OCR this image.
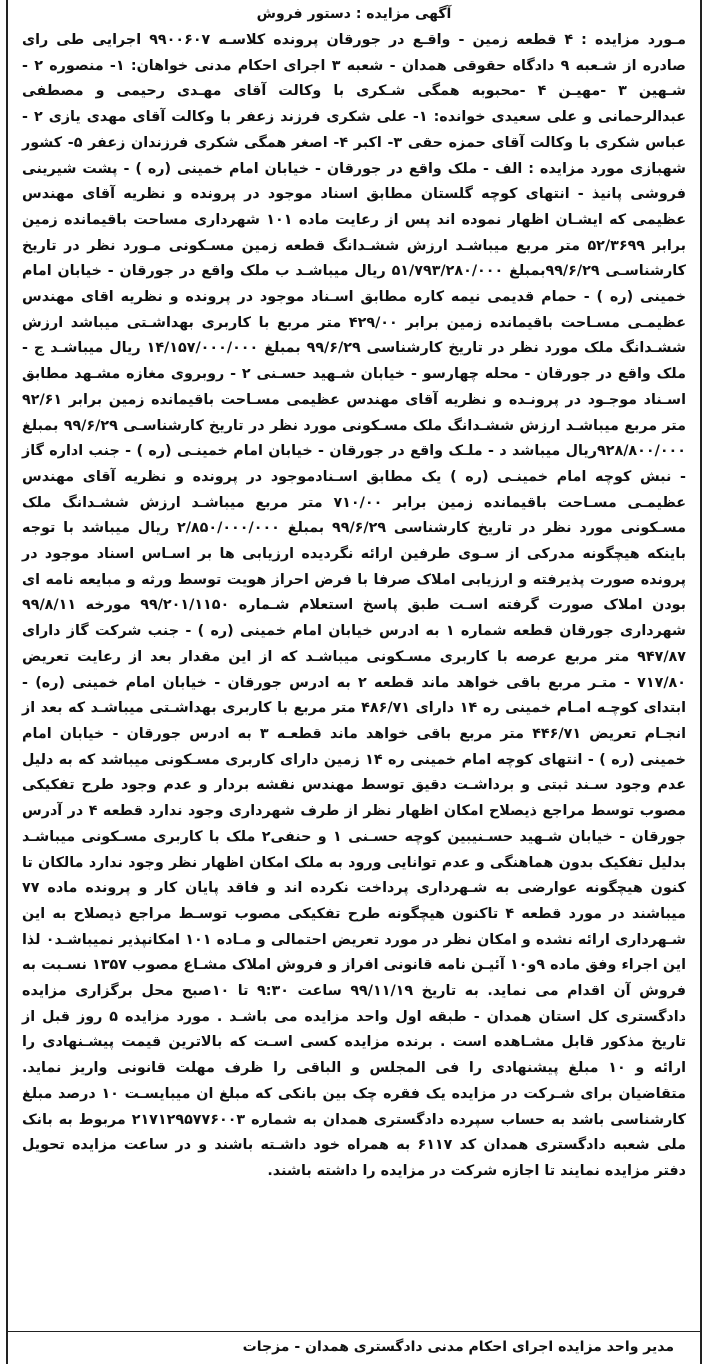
آگهی مزایده : دستور فروش
مـورد مزایده : ۴ قطعه زمین - واقـع در جورقان پرونده کلاسـه ۹۹۰۰۶۰۷ اجرایی طی رای صادره از شـعبه ۹ دادگاه حقوقی همدان - شعبه ۳ اجرای احکام مدنی خواهان: ۱- منصوره ۲ - شـهین ۳ -مهیـن ۴ -محبوبه همگی شـکری با وکالت آقای مهـدی رحیمی و مصطفی عبدالرحمانی و علی سعیدی خوانده: ۱- علی شکری فرزند زعفر با وکالت آقای مهدی یازی ۲ - عباس شکری با وکالت آقای حمزه حقی ۳- اکبر ۴- اصغر همگی شکری فرزندان زعفر ۵- کشور شهبازی مورد مزایده : الف - ملک واقع در جورقان - خیابان امام خمینی (ره ) - پشت شیرینی فروشی پانیذ - انتهای کوچه گلستان مطابق اسناد موجود در پرونده و نظریه آقای مهندس عظیمی که ایشـان اظهار نموده اند پس از رعایت ماده ۱۰۱ شهرداری مساحت باقیمانده زمین برابر ۵۲/۳۶۹۹ متر مربع میباشـد ارزش ششـدانگ قطعه زمین مسـکونی مـورد نظر در تاریخ کارشناسـی ۹۹/۶/۲۹بمبلغ ۵۱/۷۹۳/۲۸۰/۰۰۰ ریال میباشـد ب ملک واقع در جورقان - خیابان امام خمینی (ره ) - حمام قدیمی نیمه کاره مطابق اسـناد موجود در پرونده و نظریه اقای مهندس عظیمـی مسـاحت باقیمانده زمین برابر ۴۲۹/۰۰ متر مربع با کاربری بهداشـتی میباشد ارزش ششـدانگ ملک مورد نظر در تاریخ کارشناسی ۹۹/۶/۲۹ بمبلغ ۱۴/۱۵۷/۰۰۰/۰۰۰ ریال میباشـد ج - ملک واقع در جورقان - محله چهارسو - خیابان شـهید حسـنی ۲ - روبروی مغازه مشـهد مطابق اسـناد موجـود در پرونـده و نظریه آقای مهندس عظیمی مسـاحت باقیمانده زمین برابر ۹۲/۶۱ متر مربع میباشـد ارزش ششـدانگ ملک مسـکونی مورد نظر در تاریخ کارشناسـی ۹۹/۶/۲۹ بمبلغ ۹۲۸/۸۰۰/۰۰۰ریال میباشد د - ملـک واقع در جورقان - خیابان امام خمینـی (ره ) - جنب اداره گاز - نبش کوچه امام خمینـی (ره ) یک مطابق اسـنادموجود در پرونده و نظریه آقای مهندس عظیمـی مسـاحت باقیمانده زمین برابر ۷۱۰/۰۰ متر مربع میباشـد ارزش ششـدانگ ملک مسـکونی مورد نظر در تاریخ کارشناسی ۹۹/۶/۲۹ بمبلغ ۲/۸۵۰/۰۰۰/۰۰۰ ریال میباشد با توجه باینکه هیچگونه مدرکی از سـوی طرفین ارائه نگردیده ارزیابی ها بر اسـاس اسناد موجود در پرونده صورت پذیرفته و ارزیابی املاک صرفا با فرض احراز هویت توسط ورثه و مبایعه نامه ای بودن املاک صورت گرفته اسـت طبق پاسخ استعلام شـماره ۹۹/۲۰۱/۱۱۵۰ مورخه ۹۹/۸/۱۱ شهرداری جورقان قطعه شماره ۱ به ادرس خیابان امام خمینی (ره ) - جنب شرکت گاز دارای ۹۴۷/۸۷ متر مربع عرصه با کاربری مسـکونی میباشـد که از این مقدار بعد از رعایت تعریض ۷۱۷/۸۰ - متـر مربع باقی خواهد ماند قطعه ۲ به ادرس جورقان - خیابان امام خمینی (ره) - ابتدای کوچـه امـام خمینی ره ۱۴ دارای ۴۸۶/۷۱ متر مربع با کاربری بهداشـتی میباشـد که بعد از انجـام تعریض ۴۴۶/۷۱ متر مربع باقی خواهد ماند قطعـه ۳ به ادرس جورقان - خیابان امام خمینی (ره ) - انتهای کوچه امام خمینی ره ۱۴ زمین دارای کاربری مسـکونی میباشد که به دلیل عدم وجود سـند ثبتی و برداشـت دقیق توسط مهندس نقشه بردار و عدم وجود طرح تفکیکی مصوب توسط مراجع ذیصلاح امکان اظهار نظر از طرف شهرداری وجود ندارد قطعه ۴ در آدرس جورقان - خیابان شـهید حسـنیبین کوچه حسـنی ۱ و حنفی۲ ملک با کاربری مسـکونی میباشـد بدلیل تفکیک بدون هماهنگی و عدم توانایی ورود به ملک امکان اظهار نظر وجود ندارد مالکان تا کنون هیچگونه عوارضی به شـهرداری پرداخت نکرده اند و فاقد پایان کار و پرونده ماده ۷۷ میباشند در مورد قطعه ۴ تاکنون هیچگونه طرح تفکیکی مصوب توسـط مراجع ذیصلاح به این شـهرداری ارائه نشده و امکان نظر در مورد تعریض احتمالی و مـاده ۱۰۱ امکانپذیر نمیباشـد۰ لذا این اجراء وفق ماده ۹و۱۰ آئیـن نامه قانونی افراز و فروش املاک مشـاع مصوب ۱۳۵۷ نسـبت به فروش آن اقدام می نماید. به تاریخ ۹۹/۱۱/۱۹ ساعت ۹:۳۰ تا ۱۰صبح محل برگزاری مزایده دادگستری کل استان همدان - طبقه اول واحد مزایده می باشـد . مورد مزایده ۵ روز قبل از تاریخ مذکور قابل مشـاهده است . برنده مزایده کسی اسـت که بالاترین قیمت پیشـنهادی را ارائه و ۱۰ مبلغ پیشنهادی را فی المجلس و الباقی را ظرف مهلت قانونی واریز نماید. متقاضیان برای شـرکت در مزایده یک فقره چک بین بانکی که مبلغ ان میبایسـت ۱۰ درصد مبلغ کارشناسی باشد به حساب سپرده دادگستری همدان به شماره ۲۱۷۱۲۹۵۷۷۶۰۰۳ مربوط به بانک ملی شعبه دادگستری همدان کد ۶۱۱۷ به همراه خود داشـته باشند و در ساعت مزایده تحویل دفتر مزایده نمایند تا اجازه شرکت در مزایده را داشته باشند.
مدیر واحد مزایده اجرای احکام مدنی دادگستری همدان - مزجات
